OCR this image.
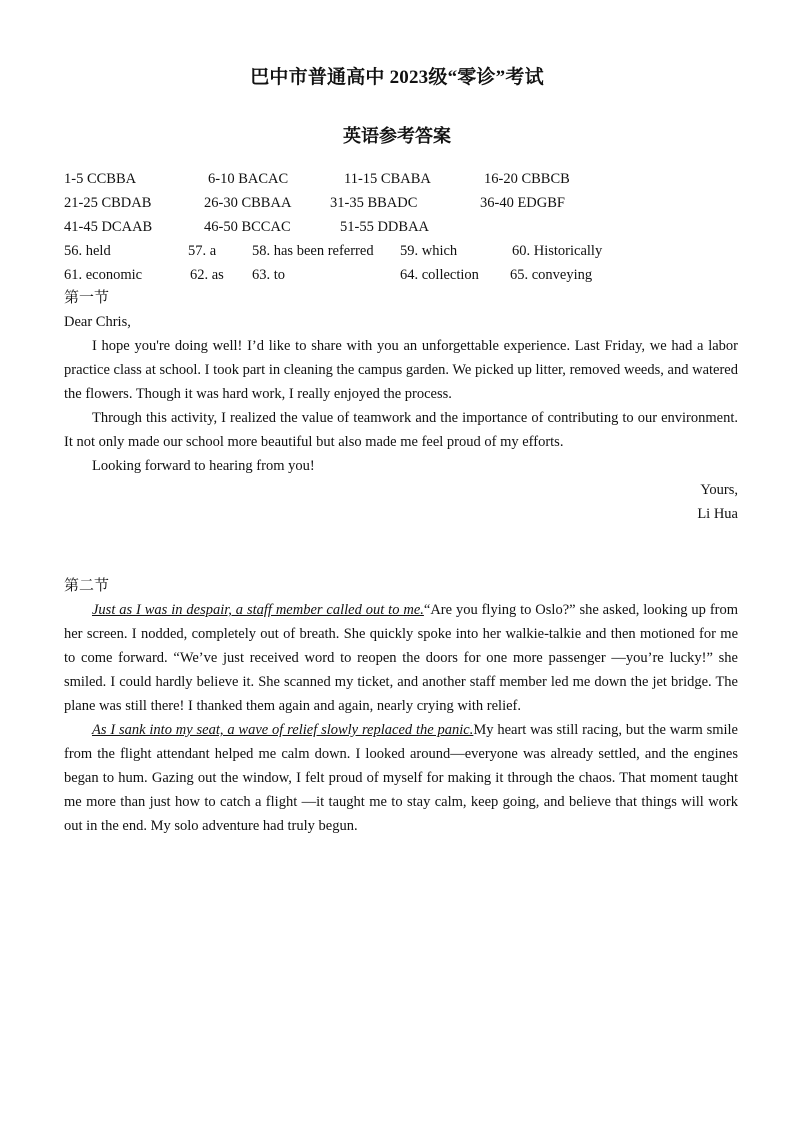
巴中市普通高中 2023级“零诊”考试
英语参考答案
1-5 CCBBA	6-10 BACAC	11-15 CBABA	16-20 CBBCB
21-25 CBDAB	26-30 CBBAA	31-35 BBADC	36-40 EDGBF
41-45 DCAAB	46-50 BCCAC	51-55 DDBAA
56. held	57. a 58. has been referred 59. which	60. Historically
61. economic	62. as 63. to	64. collection 65. conveying
第一节

Dear Chris,

I hope you're doing well! I’d like to share with you an unforgettable experience. Last Friday, we had a labor practice class at school. I took part in cleaning the campus garden. We picked up litter, removed weeds, and watered the flowers. Though it was hard work, I really enjoyed the process.

Through this activity, I realized the value of teamwork and the importance of contributing to our environment. It not only made our school more beautiful but also made me feel proud of my efforts.

Looking forward to hearing from you!

Yours,

Li Hua

第二节

Just as I was in despair, a staff member called out to me.“Are you flying to Oslo?” she asked, looking up from her screen. I nodded, completely out of breath. She quickly spoke into her walkie-talkie and then motioned for me to come forward. “We’ve just received word to reopen the doors for one more passenger —you’re lucky!” she smiled. I could hardly believe it. She scanned my ticket, and another staff member led me down the jet bridge. The plane was still there! I thanked them again and again, nearly crying with relief.

As I sank into my seat, a wave of relief slowly replaced the panic.My heart was still racing, but the warm smile from the flight attendant helped me calm down. I looked around—everyone was already settled, and the engines began to hum. Gazing out the window, I felt proud of myself for making it through the chaos. That moment taught me more than just how to catch a flight —it taught me to stay calm, keep going, and believe that things will work out in the end. My solo adventure had truly begun.
